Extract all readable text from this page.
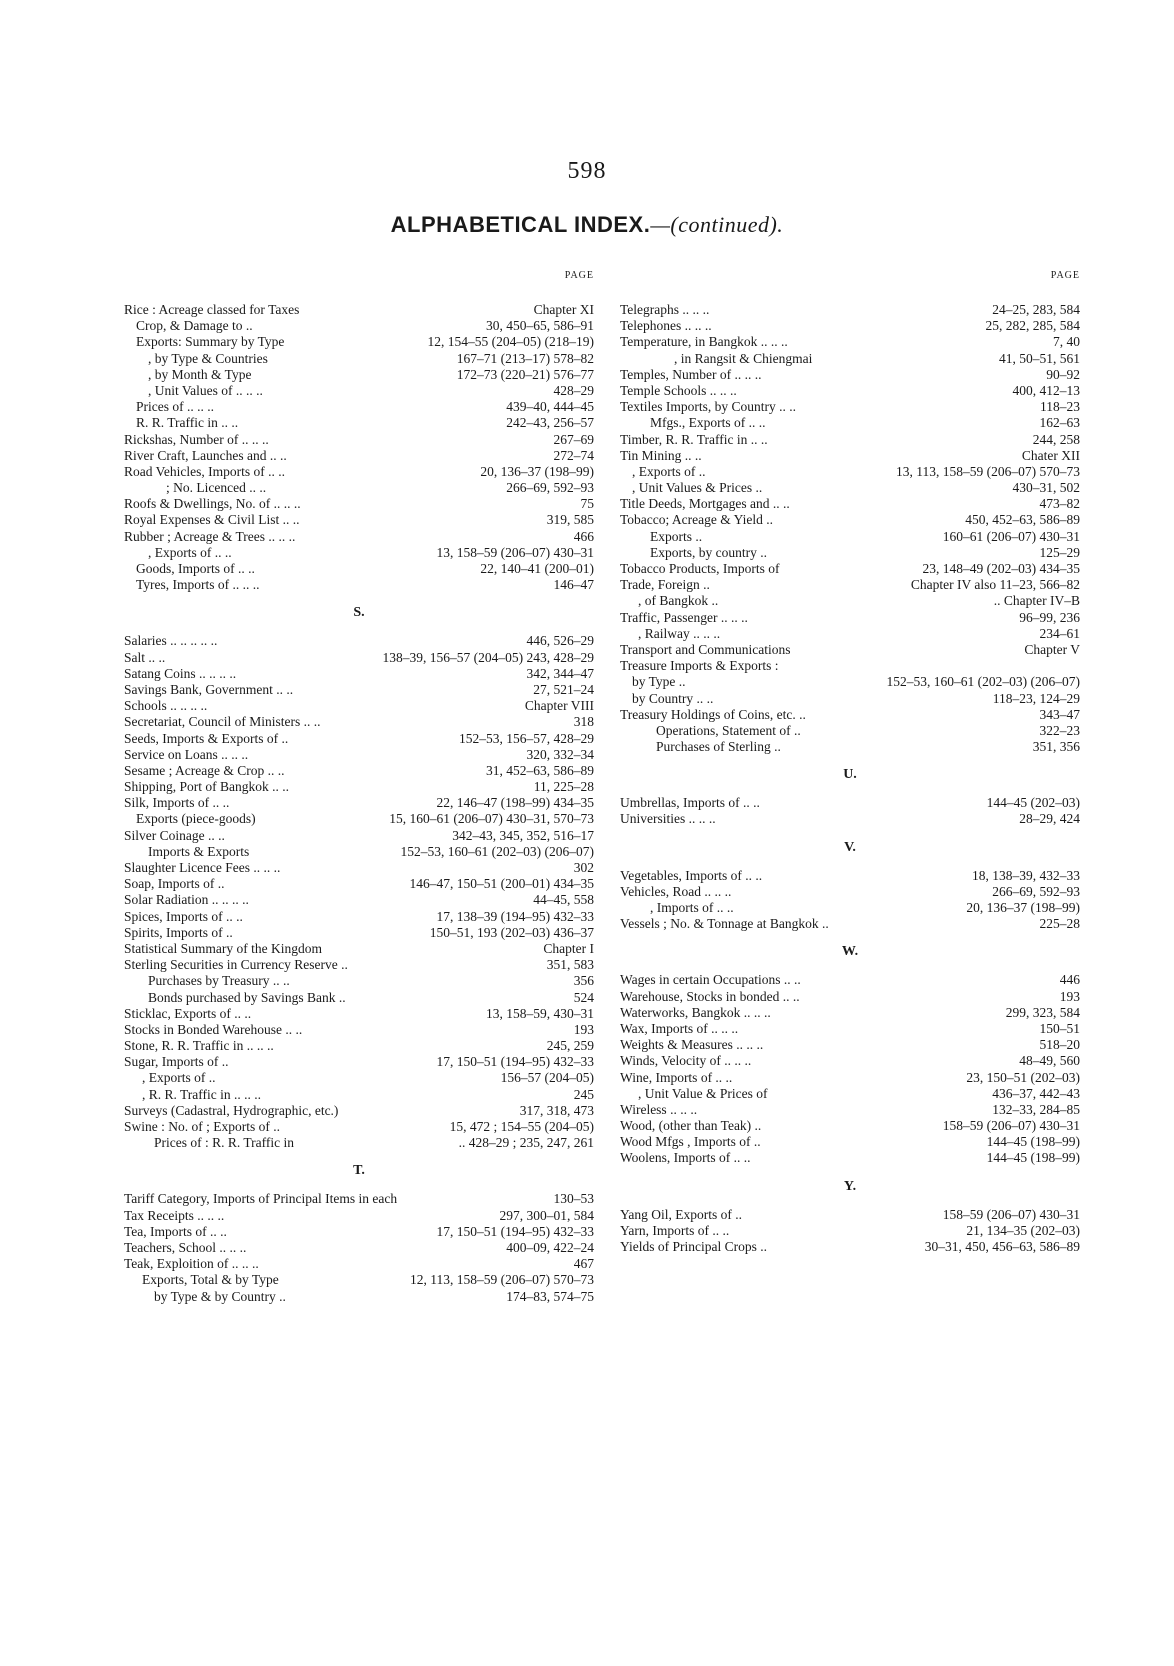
598
ALPHABETICAL INDEX.—(continued).
PAGE
Rice : Acreage classed for Taxes	Chapter XI
Crop, & Damage to ..	30, 450–65, 586–91
Exports: Summary by Type	12, 154–55 (204–05) (218–19)
, by Type & Countries	167–71 (213–17) 578–82
, by Month & Type	172–73 (220–21) 576–77
, Unit Values of .. .. ..	428–29
Prices of .. .. ..	439–40, 444–45
R. R. Traffic in .. ..	242–43, 256–57
Rickshas, Number of .. .. ..	267–69
River Craft, Launches and .. ..	272–74
Road Vehicles, Imports of .. ..	20, 136–37 (198–99)
; No. Licenced .. ..	266–69, 592–93
Roofs & Dwellings, No. of .. .. ..	75
Royal Expenses & Civil List .. ..	319, 585
Rubber ; Acreage & Trees .. .. ..	466
, Exports of .. ..	13, 158–59 (206–07) 430–31
Goods, Imports of .. ..	22, 140–41 (200–01)
Tyres, Imports of .. .. ..	146–47
S.
Salaries .. .. .. .. ..	446, 526–29
Salt .. ..	138–39, 156–57 (204–05) 243, 428–29
Satang Coins .. .. .. ..	342, 344–47
Savings Bank, Government .. ..	27, 521–24
Schools .. .. .. ..	Chapter VIII
Secretariat, Council of Ministers .. ..	318
Seeds, Imports & Exports of ..	152–53, 156–57, 428–29
Service on Loans .. .. ..	320, 332–34
Sesame ; Acreage & Crop .. ..	31, 452–63, 586–89
Shipping, Port of Bangkok .. ..	11, 225–28
Silk, Imports of .. ..	22, 146–47 (198–99) 434–35
Exports (piece-goods)	15, 160–61 (206–07) 430–31, 570–73
Silver Coinage .. ..	342–43, 345, 352, 516–17
Imports & Exports	152–53, 160–61 (202–03) (206–07)
Slaughter Licence Fees .. .. ..	302
Soap, Imports of ..	146–47, 150–51 (200–01) 434–35
Solar Radiation .. .. .. ..	44–45, 558
Spices, Imports of .. ..	17, 138–39 (194–95) 432–33
Spirits, Imports of ..	150–51, 193 (202–03) 436–37
Statistical Summary of the Kingdom	Chapter I
Sterling Securities in Currency Reserve ..	351, 583
Purchases by Treasury .. ..	356
Bonds purchased by Savings Bank ..	524
Sticklac, Exports of .. ..	13, 158–59, 430–31
Stocks in Bonded Warehouse .. ..	193
Stone, R. R. Traffic in .. .. ..	245, 259
Sugar, Imports of ..	17, 150–51 (194–95) 432–33
, Exports of ..	156–57 (204–05)
, R. R. Traffic in .. .. ..	245
Surveys (Cadastral, Hydrographic, etc.)	317, 318, 473
Swine : No. of ; Exports of ..	15, 472 ; 154–55 (204–05)
Prices of : R. R. Traffic in	.. 428–29 ; 235, 247, 261
T.
Tariff Category, Imports of Principal Items in each	130–53
Tax Receipts .. .. ..	297, 300–01, 584
Tea, Imports of .. ..	17, 150–51 (194–95) 432–33
Teachers, School .. .. ..	400–09, 422–24
Teak, Exploition of .. .. ..	467
Exports, Total & by Type	12, 113, 158–59 (206–07) 570–73
by Type & by Country ..	174–83, 574–75
PAGE
Telegraphs .. .. ..	24–25, 283, 584
Telephones .. .. ..	25, 282, 285, 584
Temperature, in Bangkok .. .. ..	7, 40
, in Rangsit & Chiengmai	41, 50–51, 561
Temples, Number of .. .. ..	90–92
Temple Schools .. .. ..	400, 412–13
Textiles Imports, by Country .. ..	118–23
Mfgs., Exports of .. ..	162–63
Timber, R. R. Traffic in .. ..	244, 258
Tin Mining .. ..	Chater XII
, Exports of ..	13, 113, 158–59 (206–07) 570–73
, Unit Values & Prices ..	430–31, 502
Title Deeds, Mortgages and .. ..	473–82
Tobacco; Acreage & Yield ..	450, 452–63, 586–89
Exports ..	160–61 (206–07) 430–31
Exports, by country ..	125–29
Tobacco Products, Imports of	23, 148–49 (202–03) 434–35
Trade, Foreign ..	Chapter IV also 11–23, 566–82
, of Bangkok ..	.. Chapter IV–B
Traffic, Passenger .. .. ..	96–99, 236
, Railway .. .. ..	234–61
Transport and Communications	Chapter V
Treasure Imports & Exports :
by Type ..	152–53, 160–61 (202–03) (206–07)
by Country .. ..	118–23, 124–29
Treasury Holdings of Coins, etc. ..	343–47
Operations, Statement of ..	322–23
Purchases of Sterling ..	351, 356
U.
Umbrellas, Imports of .. ..	144–45 (202–03)
Universities .. .. ..	28–29, 424
V.
Vegetables, Imports of .. ..	18, 138–39, 432–33
Vehicles, Road .. .. ..	266–69, 592–93
, Imports of .. ..	20, 136–37 (198–99)
Vessels ; No. & Tonnage at Bangkok ..	225–28
W.
Wages in certain Occupations .. ..	446
Warehouse, Stocks in bonded .. ..	193
Waterworks, Bangkok .. .. ..	299, 323, 584
Wax, Imports of .. .. ..	150–51
Weights & Measures .. .. ..	518–20
Winds, Velocity of .. .. ..	48–49, 560
Wine, Imports of .. ..	23, 150–51 (202–03)
, Unit Value & Prices of	436–37, 442–43
Wireless .. .. ..	132–33, 284–85
Wood, (other than Teak) ..	158–59 (206–07) 430–31
Wood Mfgs , Imports of ..	144–45 (198–99)
Woolens, Imports of .. ..	144–45 (198–99)
Y.
Yang Oil, Exports of ..	158–59 (206–07) 430–31
Yarn, Imports of .. ..	21, 134–35 (202–03)
Yields of Principal Crops ..	30–31, 450, 456–63, 586–89
